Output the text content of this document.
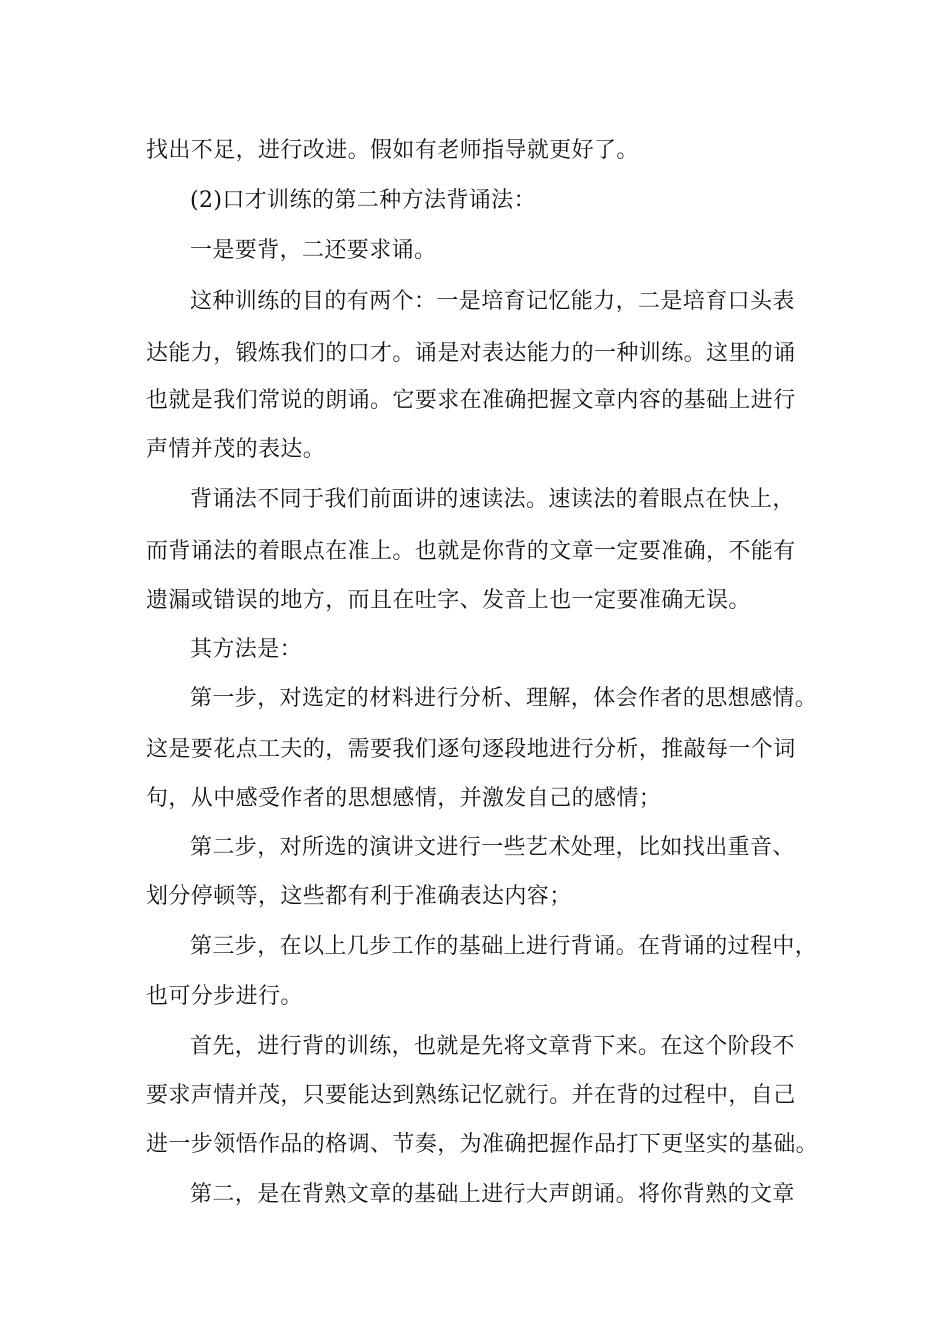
找出不足，进行改进。假如有老师指导就更好了。
(2)口才训练的第二种方法背诵法：
一是要背，二还要求诵。
这种训练的目的有两个：一是培育记忆能力，二是培育口头表
达能力，锻炼我们的口才。诵是对表达能力的一种训练。这里的诵
也就是我们常说的朗诵。它要求在准确把握文章内容的基础上进行
声情并茂的表达。
背诵法不同于我们前面讲的速读法。速读法的着眼点在快上，
而背诵法的着眼点在准上。也就是你背的文章一定要准确，不能有
遗漏或错误的地方，而且在吐字、发音上也一定要准确无误。
其方法是：
第一步，对选定的材料进行分析、理解，体会作者的思想感情。
这是要花点工夫的，需要我们逐句逐段地进行分析，推敲每一个词
句，从中感受作者的思想感情，并激发自己的感情；
第二步，对所选的演讲文进行一些艺术处理，比如找出重音、
划分停顿等，这些都有利于准确表达内容；
第三步，在以上几步工作的基础上进行背诵。在背诵的过程中，
也可分步进行。
首先，进行背的训练，也就是先将文章背下来。在这个阶段不
要求声情并茂，只要能达到熟练记忆就行。并在背的过程中，自己
进一步领悟作品的格调、节奏，为准确把握作品打下更坚实的基础。
第二，是在背熟文章的基础上进行大声朗诵。将你背熟的文章
